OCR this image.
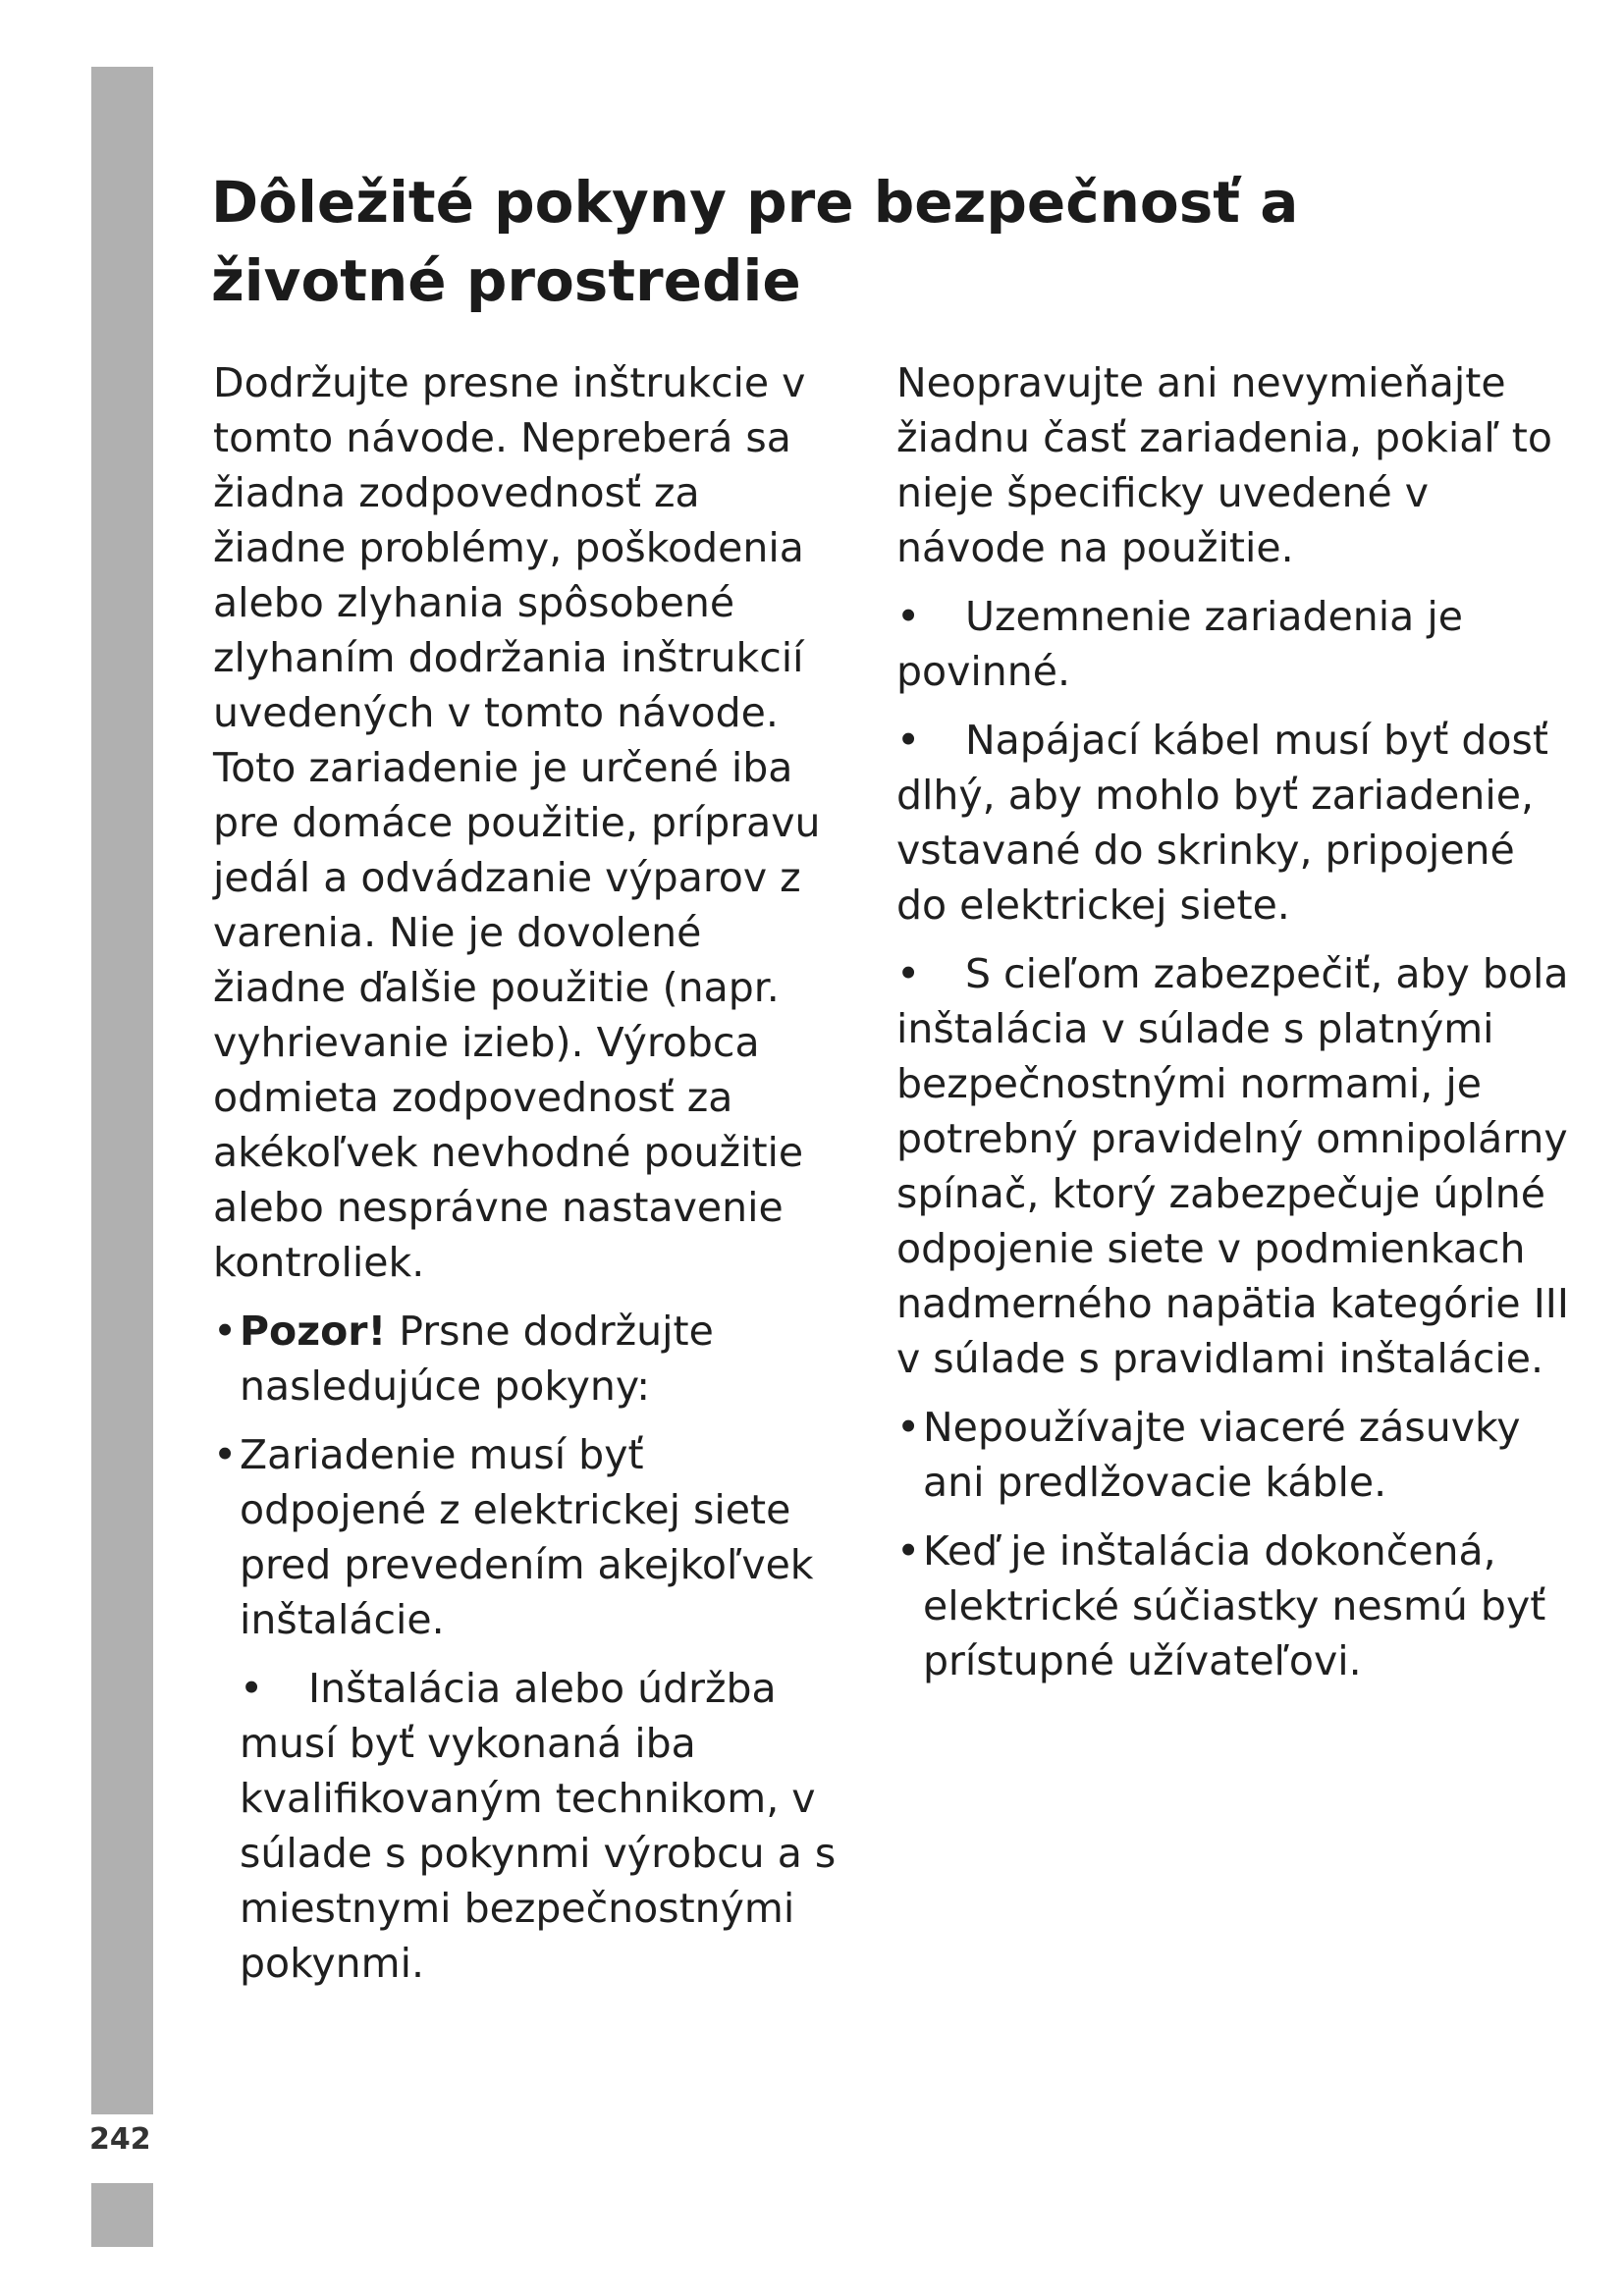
242
Dôležité pokyny pre bezpečnosť a životné prostredie

Dodržujte presne inštrukcie v tomto návode. Nepreberá sa žiadna zodpovednosť za žiadne problémy, poškodenia alebo zlyhania spôsobené zlyhaním dodržania inštrukcií uvedených v tomto návode. Toto zariadenie je určené iba pre domáce použitie, prípravu jedál a odvádzanie výparov z varenia. Nie je dovolené žiadne ďalšie použitie (napr. vyhrievanie izieb). Výrobca odmieta zodpovednosť za akékoľvek nevhodné použitie alebo nesprávne nastavenie kontroliek.

• Pozor! Prsne dodržujte nasledujúce pokyny:
• Zariadenie musí byť odpojené z elektrickej siete pred prevedením akejkoľvek inštalácie.
• Inštalácia alebo údržba musí byť vykonaná iba kvalifikovaným technikom, v súlade s pokynmi výrobcu a s miestnymi bezpečnostnými pokynmi.

Neopravujte ani nevymieňajte žiadnu časť zariadenia, pokiaľ to nieje špecificky uvedené v návode na použitie.

• Uzemnenie zariadenia je povinné.
• Napájací kábel musí byť dosť dlhý, aby mohlo byť zariadenie, vstavané do skrinky, pripojené do elektrickej siete.
• S cieľom zabezpečiť, aby bola inštalácia v súlade s platnými bezpečnostnými normami, je potrebný pravidelný omnipolárny spínač, ktorý zabezpečuje úplné odpojenie siete v podmienkach nadmerného napätia kategórie III v súlade s pravidlami inštalácie.
• Nepoužívajte viaceré zásuvky ani predlžovacie káble.
• Keď je inštalácia dokončená, elektrické súčiastky nesmú byť prístupné užívateľovi.
